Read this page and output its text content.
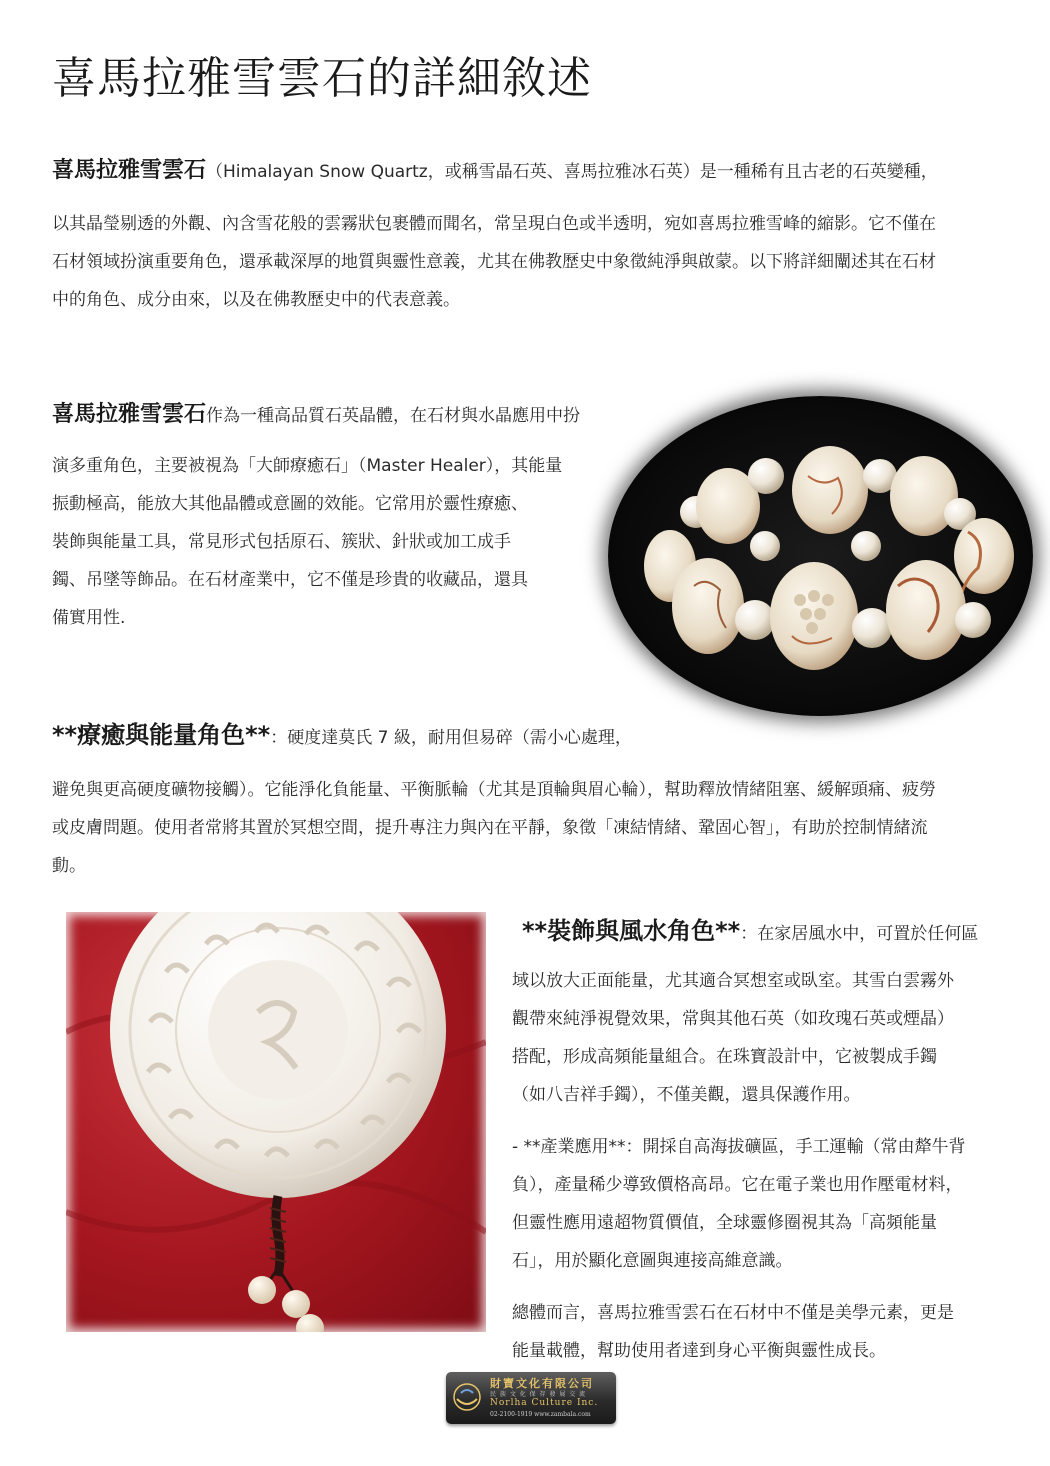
喜馬拉雅雪雲石的詳細敘述
喜馬拉雅雪雲石（Himalayan Snow Quartz，或稱雪晶石英、喜馬拉雅冰石英）是一種稀有且古老的石英變種，
以其晶瑩剔透的外觀、內含雪花般的雲霧狀包裹體而聞名，常呈現白色或半透明，宛如喜馬拉雅雪峰的縮影。它不僅在
石材領域扮演重要角色，還承載深厚的地質與靈性意義，尤其在佛教歷史中象徵純淨與啟蒙。以下將詳細闡述其在石材
中的角色、成分由來，以及在佛教歷史中的代表意義。
喜馬拉雅雪雲石作為一種高品質石英晶體，在石材與水晶應用中扮
演多重角色，主要被視為「大師療癒石」（Master Healer），其能量
振動極高，能放大其他晶體或意圖的效能。它常用於靈性療癒、
裝飾與能量工具，常見形式包括原石、簇狀、針狀或加工成手
鐲、吊墜等飾品。在石材產業中，它不僅是珍貴的收藏品，還具
備實用性.
**療癒與能量角色**：硬度達莫氏 7 級，耐用但易碎（需小心處理，
避免與更高硬度礦物接觸）。它能淨化負能量、平衡脈輪（尤其是頂輪與眉心輪），幫助釋放情緒阻塞、緩解頭痛、疲勞
或皮膚問題。使用者常將其置於冥想空間，提升專注力與內在平靜，象徵「凍結情緒、鞏固心智」，有助於控制情緒流
動。
**裝飾與風水角色**：在家居風水中，可置於任何區
域以放大正面能量，尤其適合冥想室或臥室。其雪白雲霧外
觀帶來純淨視覺效果，常與其他石英（如玫瑰石英或煙晶）
搭配，形成高頻能量組合。在珠寶設計中，它被製成手鐲
（如八吉祥手鐲），不僅美觀，還具保護作用。
- **產業應用**：開採自高海拔礦區，手工運輸（常由犛牛背
負），產量稀少導致價格高昂。它在電子業也用作壓電材料，
但靈性應用遠超物質價值，全球靈修圈視其為「高頻能量
石」，用於顯化意圖與連接高維意識。
總體而言，喜馬拉雅雪雲石在石材中不僅是美學元素，更是
能量載體，幫助使用者達到身心平衡與靈性成長。
財寶文化有限公司
民 族 文 化 保 存 發 展 交 流
Norlha Culture Inc.
02-2100-1919 www.zambala.com
